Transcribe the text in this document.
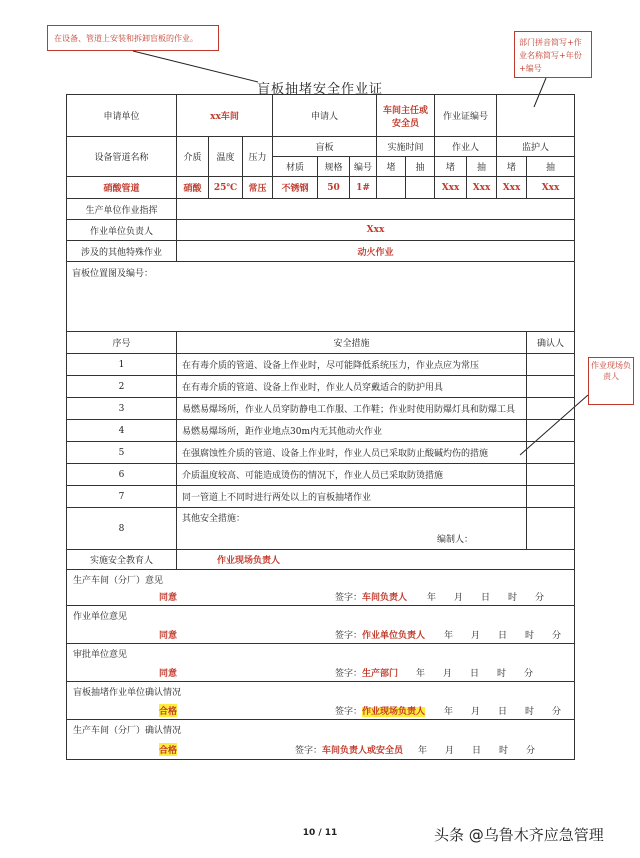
在设备、管道上安装和拆卸盲板的作业。	部门拼音简写+作
业名称简写+年份
+编号
作业现场负责人
盲板抽堵安全作业证
申请单位	xx车间			申请人			车间主任或安全员		作业证编号			
设备管道名称	介质	温度	压力	盲板			实施时间		作业人		监护人	
				材质	规格	编号	堵	抽	堵	抽	堵	抽
硝酸管道	硝酸	25℃	常压	不锈钢	50	1#			Xxx	Xxx	Xxx	Xxx
生产单位作业指挥												
作业单位负责人	Xxx											
涉及的其他特殊作业	动火作业											
盲板位置图及编号：												
序号	安全措施											确认人
1	在有毒介质的管道、设备上作业时，尽可能降低系统压力，作业点应为常压											
2	在有毒介质的管道、设备上作业时，作业人员穿戴适合的防护用具											
3	易燃易爆场所，作业人员穿防静电工作服、工作鞋；作业时使用防爆灯具和防爆工具											
4	易燃易爆场所，距作业地点30m内无其他动火作业											
5	在强腐蚀性介质的管道、设备上作业时，作业人员已采取防止酸碱灼伤的措施											
6	介质温度较高、可能造成烫伤的情况下，作业人员已采取防烫措施											
7	同一管道上不同时进行两处以上的盲板抽堵作业											
8	其他安全措施：
编制人：											

实施安全教育人	作业现场负责人											

生产车间（分厂）意见
同意 签字：车间负责人 年　　月　　日　　时　　分												

作业单位意见
同意 签字：作业单位负责人 年　　月　　日　　时　　分												

审批单位意见
同意 签字：生产部门 年　　月　　日　　时　　分												

盲板抽堵作业单位确认情况
合格 签字：作业现场负责人 年　　月　　日　　时　　分												

生产车间（分厂）确认情况
合格 签字：车间负责人或安全员 年　　月　　日　　时　　分												
10 / 11	头条 @乌鲁木齐应急管理
